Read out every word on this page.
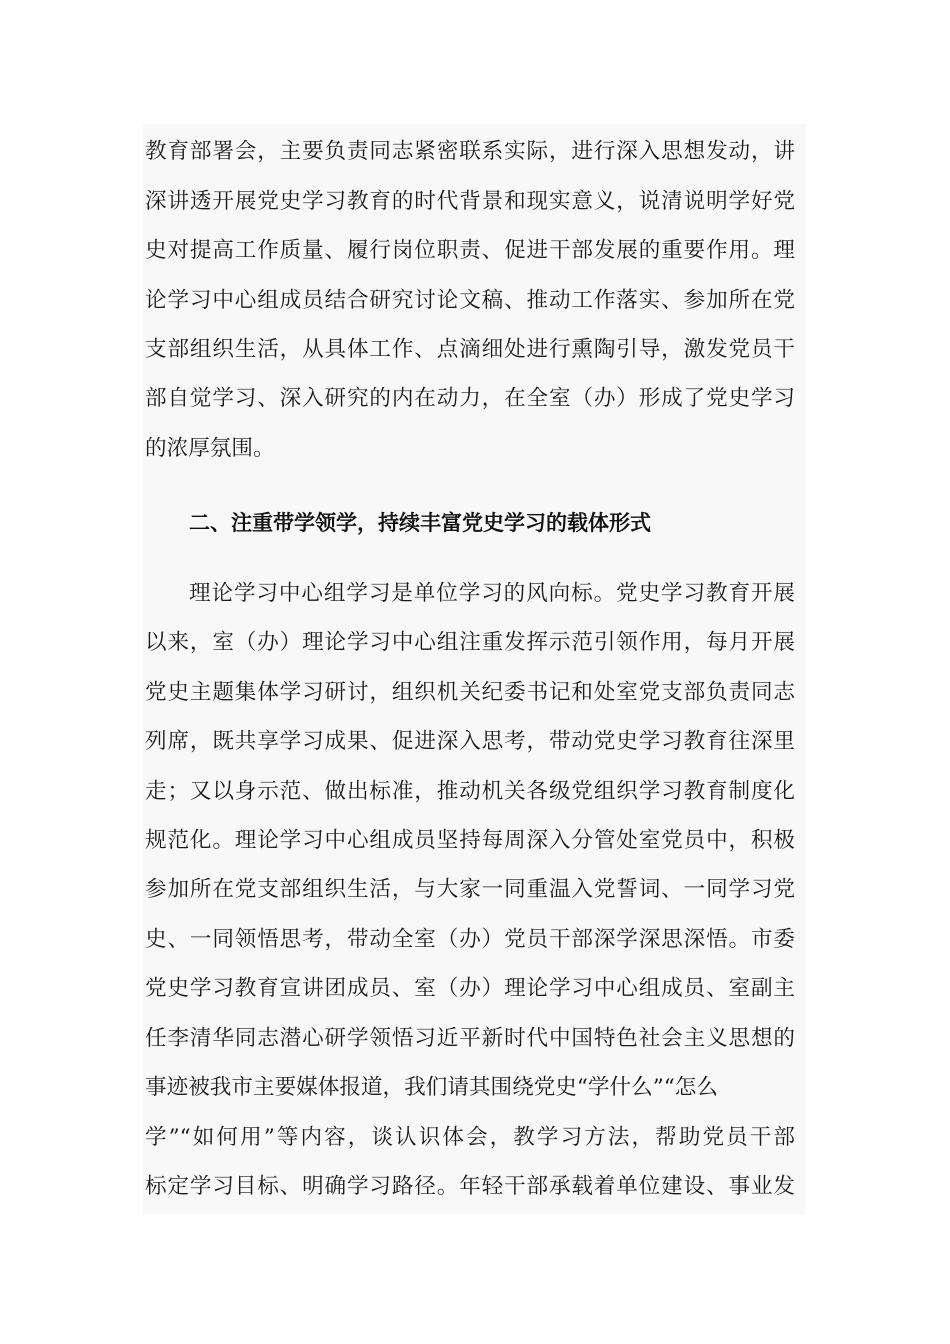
教育部署会，主要负责同志紧密联系实际，进行深入思想发动，讲
深讲透开展党史学习教育的时代背景和现实意义，说清说明学好党
史对提高工作质量、履行岗位职责、促进干部发展的重要作用。理
论学习中心组成员结合研究讨论文稿、推动工作落实、参加所在党
支部组织生活，从具体工作、点滴细处进行熏陶引导，激发党员干
部自觉学习、深入研究的内在动力，在全室（办）形成了党史学习
的浓厚氛围。
二、注重带学领学，持续丰富党史学习的载体形式
理论学习中心组学习是单位学习的风向标。党史学习教育开展
以来，室（办）理论学习中心组注重发挥示范引领作用，每月开展
党史主题集体学习研讨，组织机关纪委书记和处室党支部负责同志
列席，既共享学习成果、促进深入思考，带动党史学习教育往深里
走；又以身示范、做出标准，推动机关各级党组织学习教育制度化
规范化。理论学习中心组成员坚持每周深入分管处室党员中，积极
参加所在党支部组织生活，与大家一同重温入党誓词、一同学习党
史、一同领悟思考，带动全室（办）党员干部深学深思深悟。市委
党史学习教育宣讲团成员、室（办）理论学习中心组成员、室副主
任李清华同志潜心研学领悟习近平新时代中国特色社会主义思想的
事迹被我市主要媒体报道，我们请其围绕党史“学什么”“怎么
学”“如何用”等内容，谈认识体会，教学习方法，帮助党员干部
标定学习目标、明确学习路径。年轻干部承载着单位建设、事业发
